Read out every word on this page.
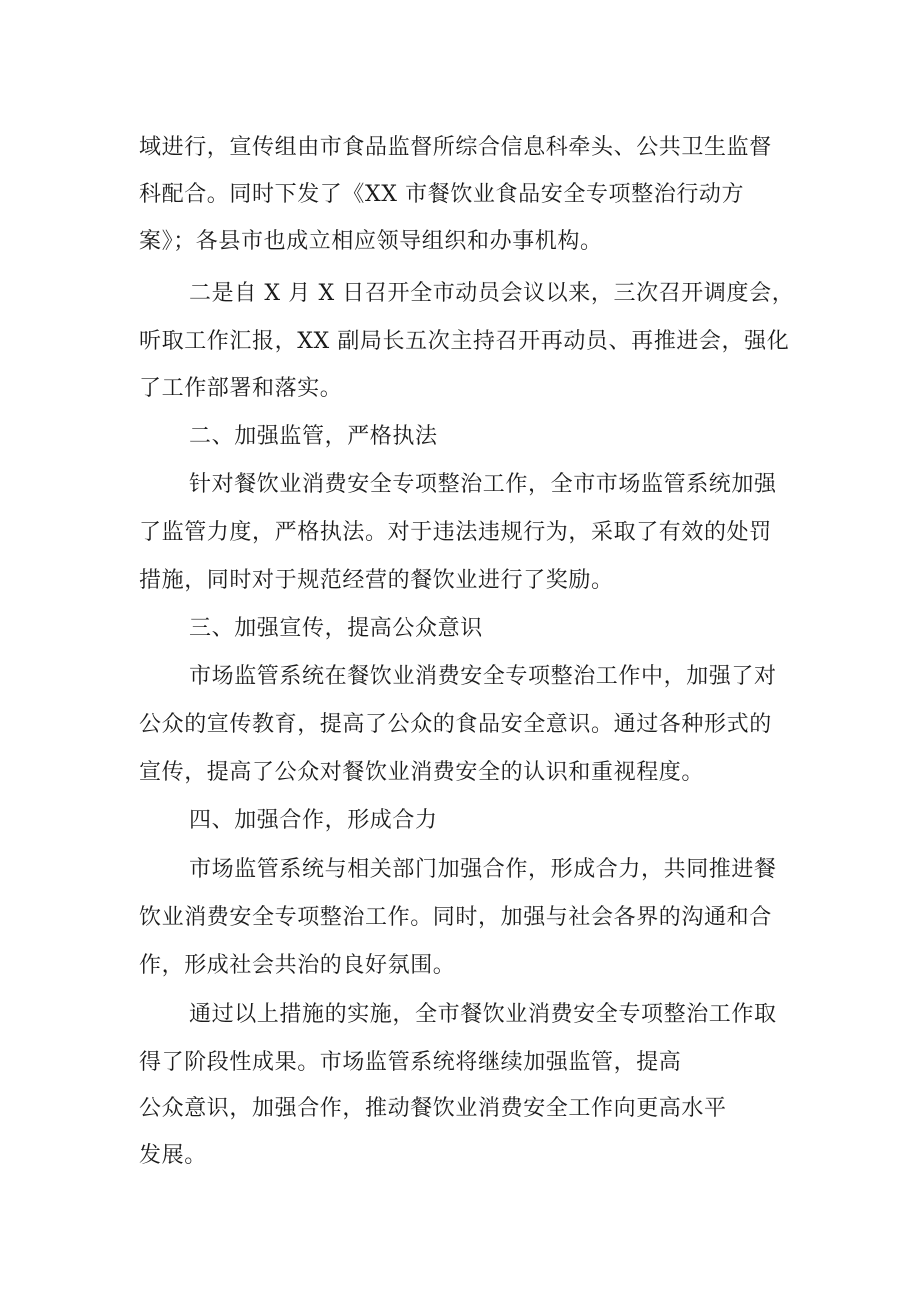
域进行，宣传组由市食品监督所综合信息科牵头、公共卫生监督
科配合。同时下发了《XX 市餐饮业食品安全专项整治行动方
案》；各县市也成立相应领导组织和办事机构。
二是自 X 月 X 日召开全市动员会议以来，三次召开调度会，
听取工作汇报，XX 副局长五次主持召开再动员、再推进会，强化
了工作部署和落实。
二、加强监管，严格执法
针对餐饮业消费安全专项整治工作，全市市场监管系统加强
了监管力度，严格执法。对于违法违规行为，采取了有效的处罚
措施，同时对于规范经营的餐饮业进行了奖励。
三、加强宣传，提高公众意识
市场监管系统在餐饮业消费安全专项整治工作中，加强了对
公众的宣传教育，提高了公众的食品安全意识。通过各种形式的
宣传，提高了公众对餐饮业消费安全的认识和重视程度。
四、加强合作，形成合力
市场监管系统与相关部门加强合作，形成合力，共同推进餐
饮业消费安全专项整治工作。同时，加强与社会各界的沟通和合
作，形成社会共治的良好氛围。
通过以上措施的实施，全市餐饮业消费安全专项整治工作取
得了阶段性成果。市场监管系统将继续加强监管，提高
公众意识，加强合作，推动餐饮业消费安全工作向更高水平
发展。
